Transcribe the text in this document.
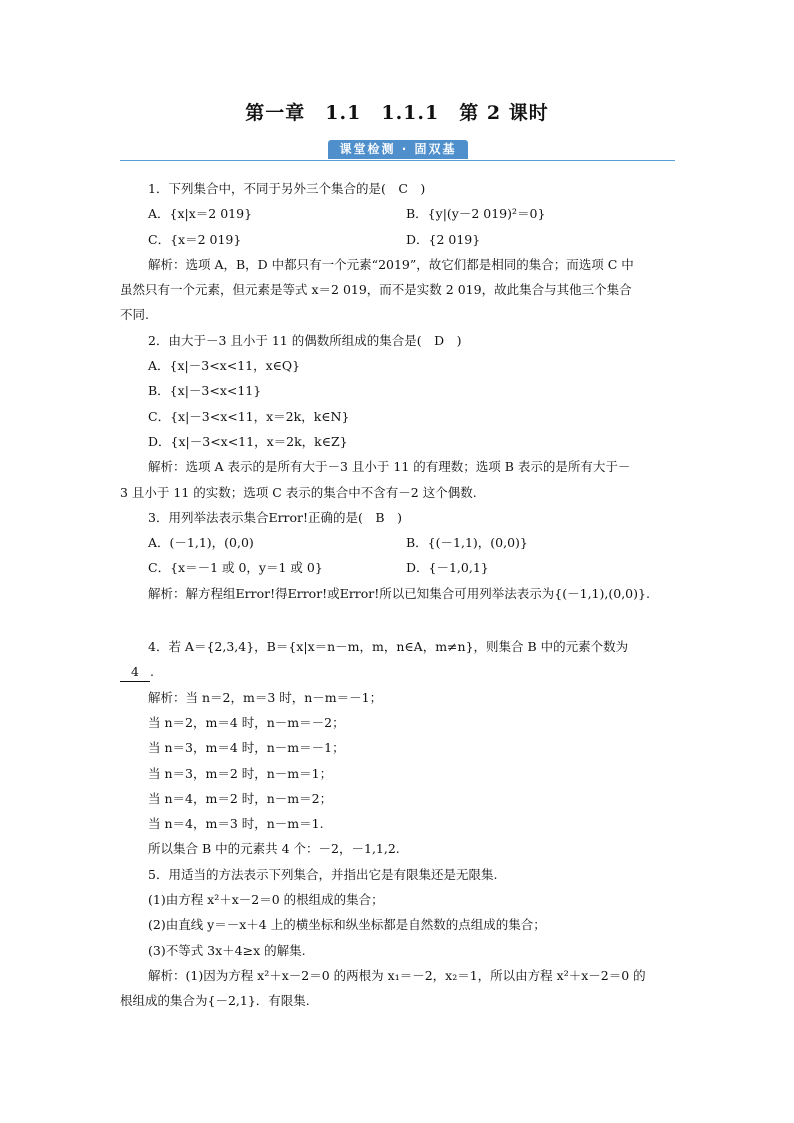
第一章　1.1　1.1.1　第 2 课时
课堂检测 · 固双基

1．下列集合中，不同于另外三个集合的是(　C　)

A．{x|x＝2 019}	B．{y|(y－2 019)²＝0}
C．{x＝2 019}	D．{2 019}

解析：选项 A，B，D 中都只有一个元素“2019”，故它们都是相同的集合；而选项 C 中

虽然只有一个元素，但元素是等式 x＝2 019，而不是实数 2 019，故此集合与其他三个集合

不同.

2．由大于－3 且小于 11 的偶数所组成的集合是(　D　)

A．{x|－3<x<11，x∈Q}

B．{x|－3<x<11}

C．{x|－3<x<11，x＝2k，k∈N}

D．{x|－3<x<11，x＝2k，k∈Z}

解析：选项 A 表示的是所有大于－3 且小于 11 的有理数；选项 B 表示的是所有大于－

3 且小于 11 的实数；选项 C 表示的集合中不含有－2 这个偶数.

3．用列举法表示集合Error!正确的是(　B　)

A．(－1,1)，(0,0)	B．{(－1,1)，(0,0)}
C．{x＝－1 或 0，y＝1 或 0}	D．{－1,0,1}

解析：解方程组Error!得Error!或Error!所以已知集合可用列举法表示为{(－1,1),(0,0)}.

4．若 A＝{2,3,4}，B＝{x|x＝n－m，m，n∈A，m≠n}，则集合 B 中的元素个数为

4 .

解析：当 n＝2，m＝3 时，n－m＝－1；

当 n＝2，m＝4 时，n－m＝－2；

当 n＝3，m＝4 时，n－m＝－1；

当 n＝3，m＝2 时，n－m＝1；

当 n＝4，m＝2 时，n－m＝2；

当 n＝4，m＝3 时，n－m＝1.

所以集合 B 中的元素共 4 个：－2，－1,1,2.

5．用适当的方法表示下列集合，并指出它是有限集还是无限集.

(1)由方程 x²＋x－2＝0 的根组成的集合；

(2)由直线 y＝－x＋4 上的横坐标和纵坐标都是自然数的点组成的集合；

(3)不等式 3x＋4≥x 的解集.

解析：(1)因为方程 x²＋x－2＝0 的两根为 x₁＝－2，x₂＝1，所以由方程 x²＋x－2＝0 的

根组成的集合为{－2,1}．有限集.
